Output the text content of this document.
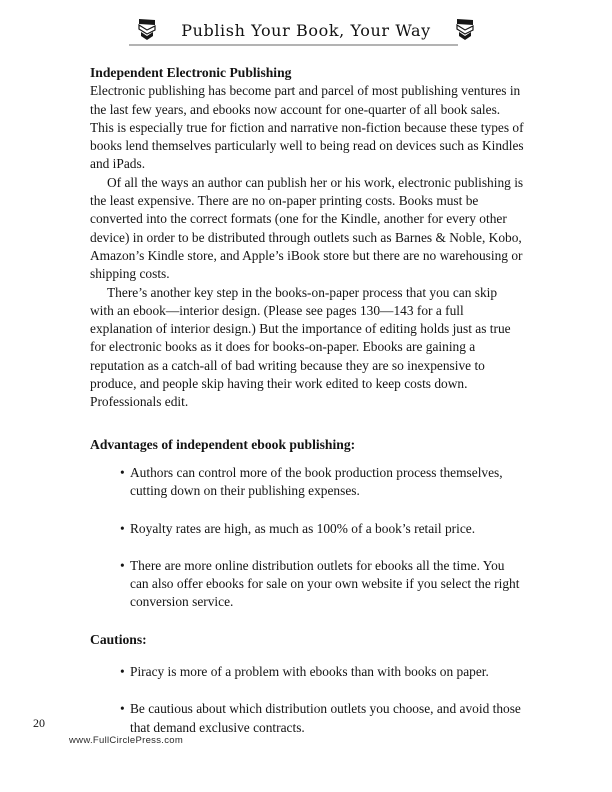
Publish Your Book, Your Way
Independent Electronic Publishing

Electronic publishing has become part and parcel of most publishing ventures in the last few years, and ebooks now account for one-quarter of all book sales. This is especially true for fiction and narrative non-fiction because these types of books lend themselves particularly well to being read on devices such as Kindles and iPads.

Of all the ways an author can publish her or his work, electronic publishing is the least expensive. There are no on-paper printing costs. Books must be converted into the correct formats (one for the Kindle, another for every other device) in order to be distributed through outlets such as Barnes & Noble, Kobo, Amazon’s Kindle store, and Apple’s iBook store but there are no warehousing or shipping costs.

There’s another key step in the books-on-paper process that you can skip with an ebook—interior design. (Please see pages 130—143 for a full explanation of interior design.) But the importance of editing holds just as true for electronic books as it does for books-on-paper. Ebooks are gaining a reputation as a catch-all of bad writing because they are so inexpensive to produce, and people skip having their work edited to keep costs down. Professionals edit.

Advantages of independent ebook publishing:
• Authors can control more of the book production process themselves, cutting down on their publishing expenses.
• Royalty rates are high, as much as 100% of a book’s retail price.
• There are more online distribution outlets for ebooks all the time. You can also offer ebooks for sale on your own website if you select the right conversion service.
Cautions:
• Piracy is more of a problem with ebooks than with books on paper.
• Be cautious about which distribution outlets you choose, and avoid those that demand exclusive contracts.
20
www.FullCirclePress.com
